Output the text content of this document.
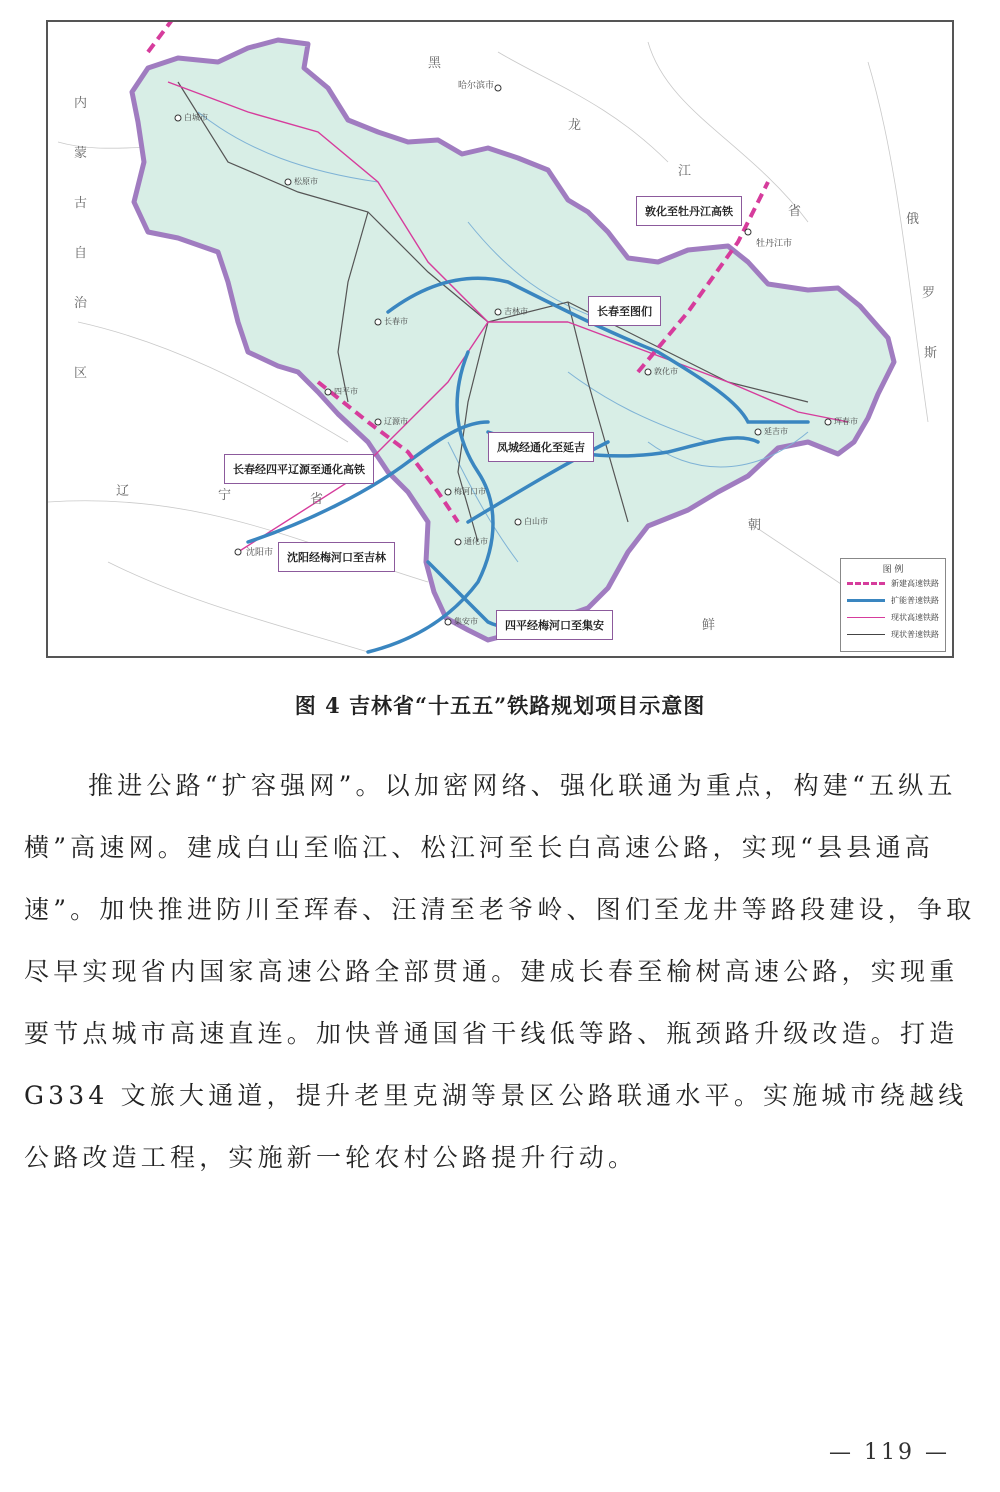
内
蒙
古
自
治
区
黑
龙
江
省
辽	宁	省
俄
罗
斯
朝
鲜
哈尔滨市
牡丹江市
沈阳市
白城市
松原市
长春市
吉林市
四平市
辽源市
通化市
白山市
延吉市
敦化市
珲春市
梅河口市
集安市
敦化至牡丹江高铁
长春至图们
凤城经通化至延吉
长春经四平辽源至通化高铁
沈阳经梅河口至吉林
四平经梅河口至集安
图 例
新建高速铁路
扩能普速铁路
现状高速铁路
现状普速铁路
图 4 吉林省“十五五”铁路规划项目示意图

推进公路“扩容强网”。以加密网络、强化联通为重点，构建“五纵五横”高速网。建成白山至临江、松江河至长白高速公路，实现“县县通高速”。加快推进防川至珲春、汪清至老爷岭、图们至龙井等路段建设，争取尽早实现省内国家高速公路全部贯通。建成长春至榆树高速公路，实现重要节点城市高速直连。加快普通国省干线低等路、瓶颈路升级改造。打造 G334 文旅大通道，提升老里克湖等景区公路联通水平。实施城市绕越线公路改造工程，实施新一轮农村公路提升行动。

— 119 —
